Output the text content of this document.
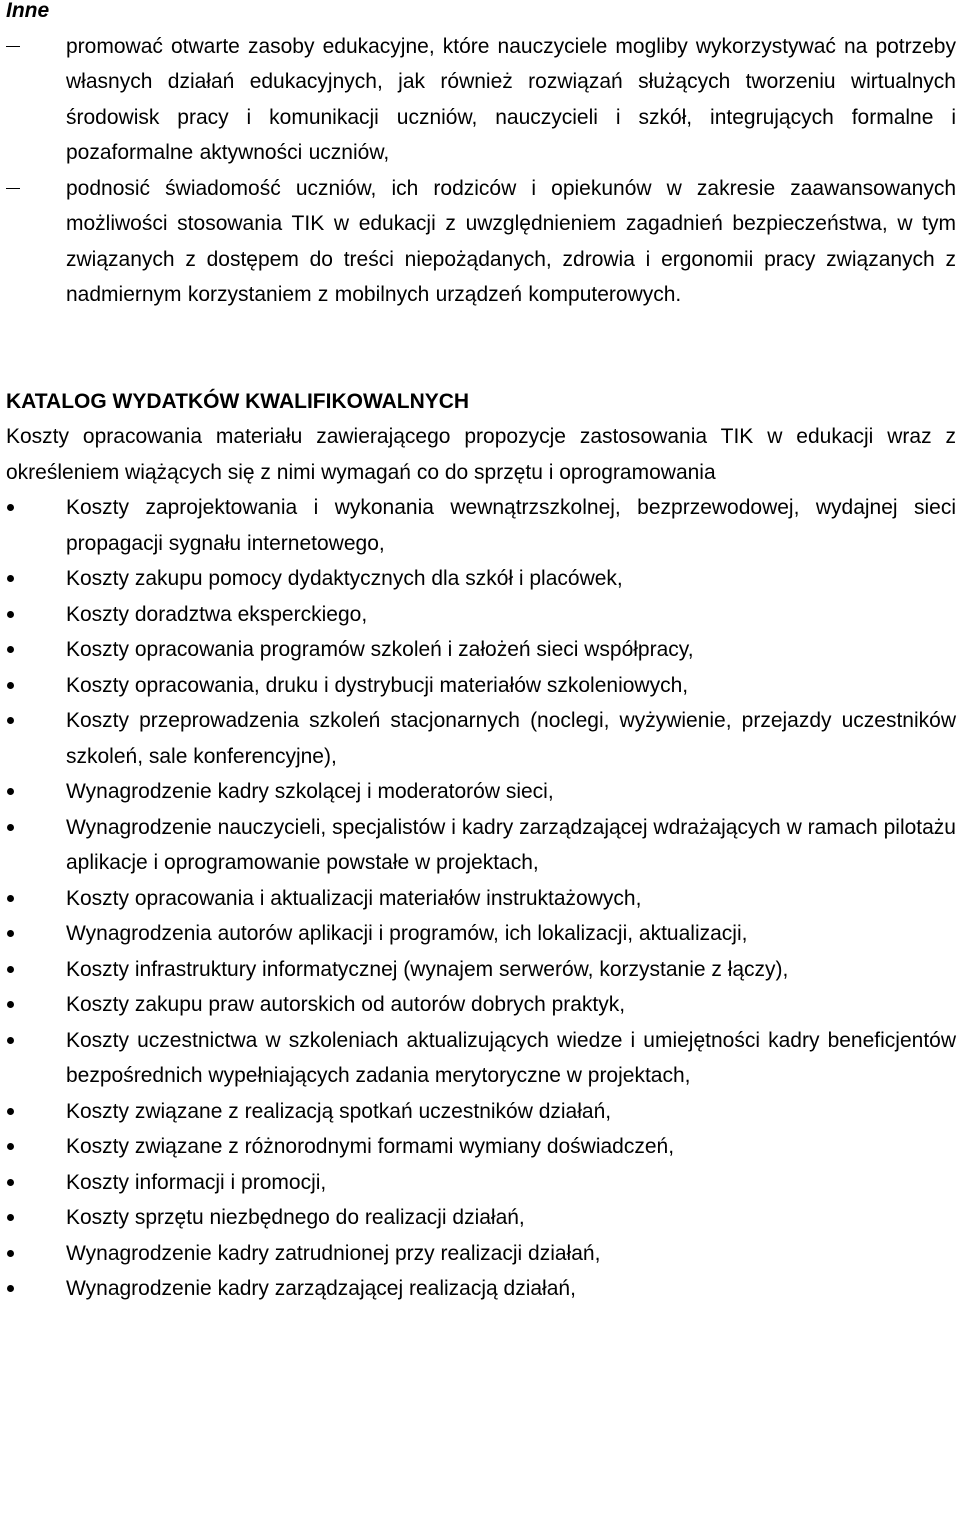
Inne

promować otwarte zasoby edukacyjne, które nauczyciele mogliby wykorzystywać na potrzeby własnych działań edukacyjnych, jak również rozwiązań służących tworzeniu wirtualnych środowisk pracy i komunikacji uczniów, nauczycieli i szkół, integrujących formalne i pozaformalne aktywności uczniów,
podnosić świadomość uczniów, ich rodziców i opiekunów w zakresie zaawansowanych możliwości stosowania TIK w edukacji z uwzględnieniem zagadnień bezpieczeństwa, w tym związanych z dostępem do treści niepożądanych, zdrowia i ergonomii pracy związanych z nadmiernym korzystaniem z mobilnych urządzeń komputerowych.

KATALOG WYDATKÓW KWALIFIKOWALNYCH

Koszty opracowania materiału zawierającego propozycje zastosowania TIK w edukacji wraz z określeniem wiążących się z nimi wymagań co do sprzętu i oprogramowania

Koszty zaprojektowania i wykonania wewnątrzszkolnej, bezprzewodowej, wydajnej sieci propagacji sygnału internetowego,
Koszty zakupu pomocy dydaktycznych dla szkół i placówek,
Koszty doradztwa eksperckiego,
Koszty opracowania programów szkoleń i założeń sieci współpracy,
Koszty opracowania, druku i dystrybucji materiałów szkoleniowych,
Koszty przeprowadzenia szkoleń stacjonarnych (noclegi, wyżywienie, przejazdy uczestników szkoleń, sale konferencyjne),
Wynagrodzenie kadry szkolącej i moderatorów sieci,
Wynagrodzenie nauczycieli, specjalistów i kadry zarządzającej wdrażających w ramach pilotażu aplikacje i oprogramowanie powstałe w projektach,
Koszty opracowania i aktualizacji materiałów instruktażowych,
Wynagrodzenia autorów aplikacji i programów, ich lokalizacji, aktualizacji,
Koszty infrastruktury informatycznej (wynajem serwerów, korzystanie z łączy),
Koszty zakupu praw autorskich od autorów dobrych praktyk,
Koszty uczestnictwa w szkoleniach aktualizujących wiedze i umiejętności kadry beneficjentów bezpośrednich wypełniających zadania merytoryczne w projektach,
Koszty związane z realizacją spotkań uczestników działań,
Koszty związane z różnorodnymi formami wymiany doświadczeń,
Koszty informacji i promocji,
Koszty sprzętu niezbędnego do realizacji działań,
Wynagrodzenie kadry zatrudnionej przy realizacji działań,
Wynagrodzenie kadry zarządzającej realizacją działań,
